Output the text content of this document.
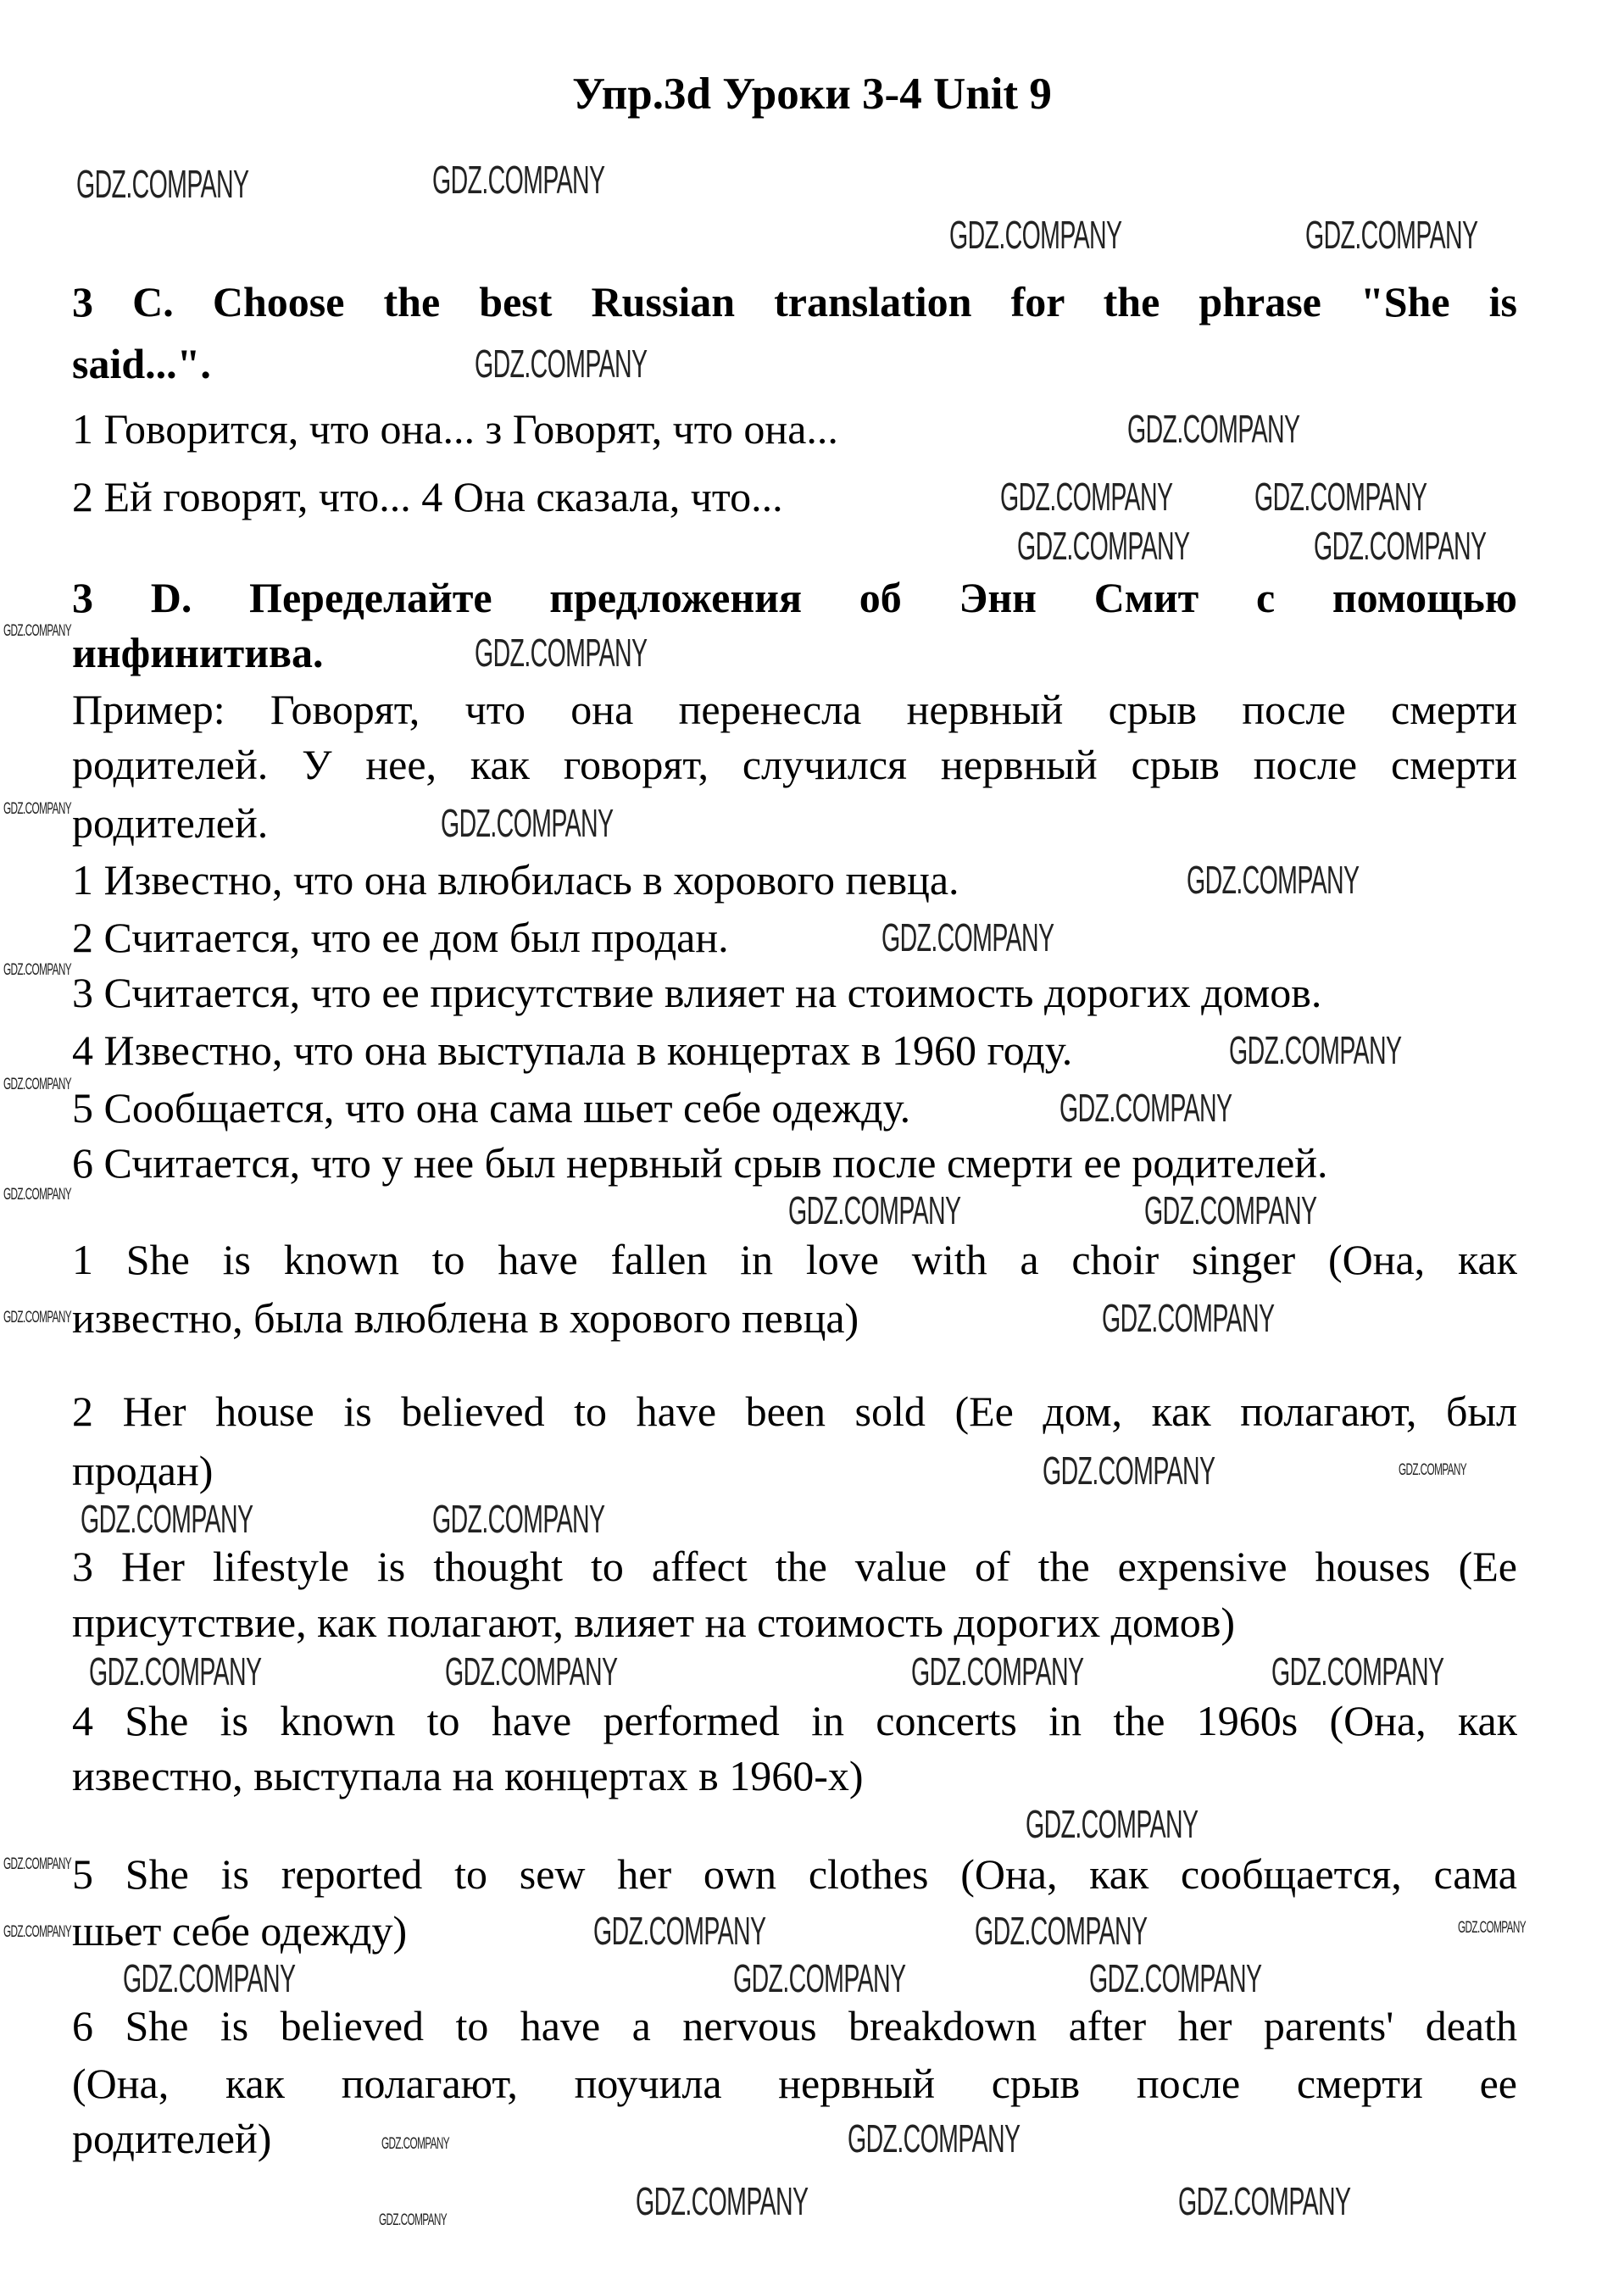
Упр.3d Уроки 3-4 Unit 9
3 C. Choose the best Russian translation for the phrase "She is
said...".
1 Говорится, что она... з Говорят, что она...
2 Ей говорят, что... 4 Она сказала, что...
3 D. Переделайте предложения об Энн Смит с помощью
инфинитива.
Пример: Говорят, что она перенесла нервный срыв после смерти
родителей. У нее, как говорят, случился нервный срыв после смерти
родителей.
1 Известно, что она влюбилась в хорового певца.
2 Считается, что ее дом был продан.
3 Считается, что ее присутствие влияет на стоимость дорогих домов.
4 Известно, что она выступала в концертах в 1960 году.
5 Сообщается, что она сама шьет себе одежду.
6 Считается, что у нее был нервный срыв после смерти ее родителей.
1 She is known to have fallen in love with a choir singer (Она, как
известно, была влюблена в хорового певца)
2 Her house is believed to have been sold (Ее дом, как полагают, был
продан)
3 Her lifestyle is thought to affect the value of the expensive houses (Ее
присутствие, как полагают, влияет на стоимость дорогих домов)
4 She is known to have performed in concerts in the 1960s (Она, как
известно, выступала на концертах в 1960-х)
5 She is reported to sew her own clothes (Она, как сообщается, сама
шьет себе одежду)
6 She is believed to have a nervous breakdown after her parents' death
(Она, как полагают, поучила нервный срыв после смерти ее
родителей)
GDZ.COMPANY	GDZ.COMPANY
GDZ.COMPANY	GDZ.COMPANY
GDZ.COMPANY
GDZ.COMPANY
GDZ.COMPANY GDZ.COMPANY
GDZ.COMPANY	GDZ.COMPANY
GDZ.COMPANY
GDZ.COMPANY
GDZ.COMPANY
GDZ.COMPANY
GDZ.COMPANY
GDZ.COMPANY
GDZ.COMPANY	GDZ.COMPANY
GDZ.COMPANY
GDZ.COMPANY
GDZ.COMPANY	GDZ.COMPANY
GDZ.COMPANY	GDZ.COMPANY	GDZ.COMPANY	GDZ.COMPANY
GDZ.COMPANY
GDZ.COMPANY	GDZ.COMPANY
GDZ.COMPANY	GDZ.COMPANY	GDZ.COMPANY
GDZ.COMPANY
GDZ.COMPANY	GDZ.COMPANY
GDZ.COMPANY
GDZ.COMPANY
GDZ.COMPANY
GDZ.COMPANY
GDZ.COMPANY
GDZ.COMPANY
GDZ.COMPANY
GDZ.COMPANY
GDZ.COMPANY
GDZ.COMPANY
GDZ.COMPANY
GDZ.COMPANY
